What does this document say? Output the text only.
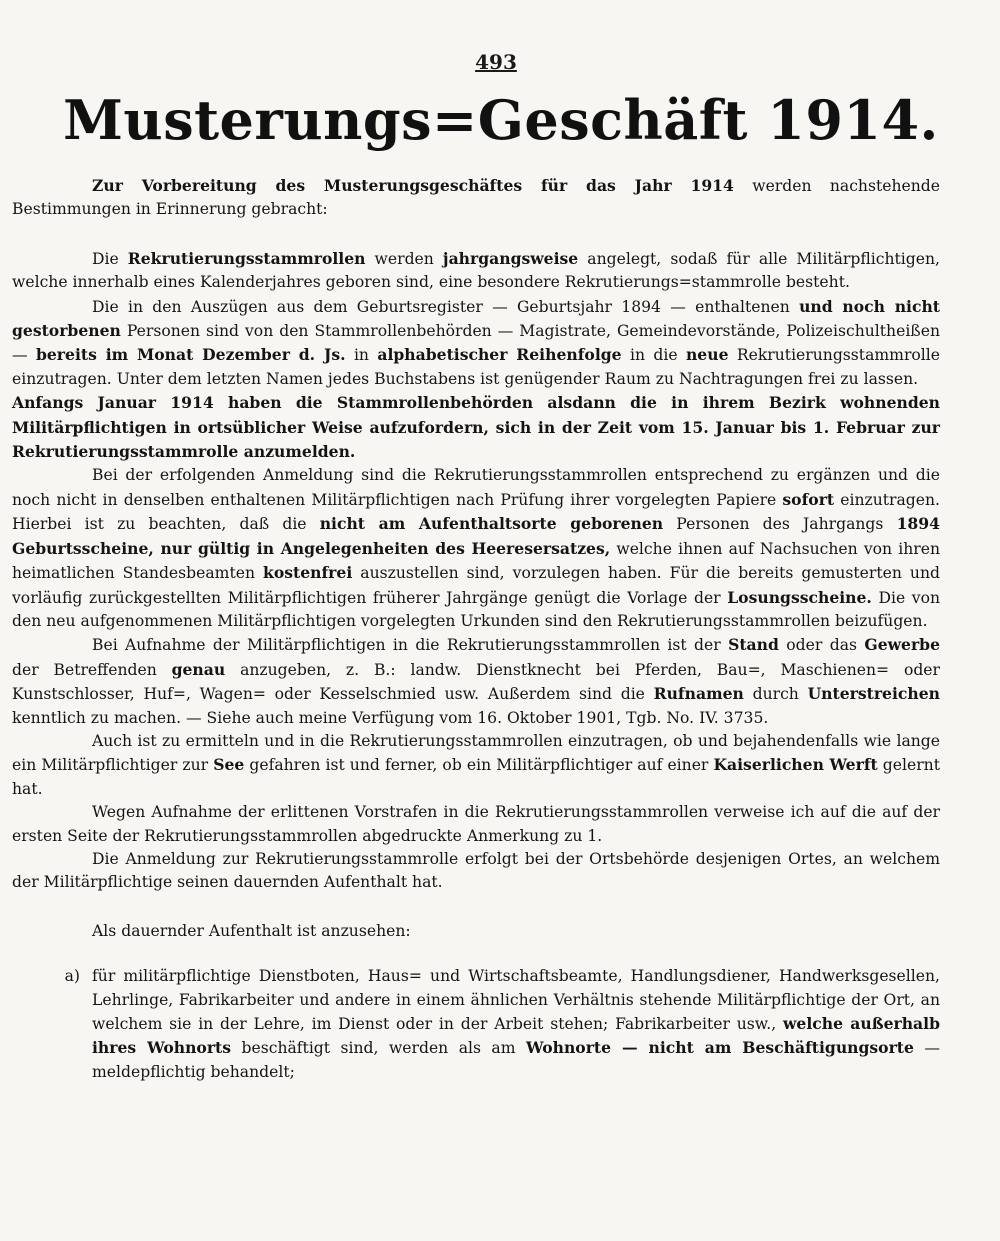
493
Musterungs=Geschäft 1914.

Zur Vorbereitung des Musterungsgeschäftes für das Jahr 1914 werden nachstehende Bestimmungen in Erinnerung gebracht:

Die Rekrutierungsstammrollen werden jahrgangsweise angelegt, sodaß für alle Militärpflichtigen, welche innerhalb eines Kalenderjahres geboren sind, eine besondere Rekrutierungs=stammrolle besteht.

Die in den Auszügen aus dem Geburtsregister — Geburtsjahr 1894 — enthaltenen und noch nicht gestorbenen Personen sind von den Stammrollenbehörden — Magistrate, Gemeindevorstände, Polizeischultheißen — bereits im Monat Dezember d. Js. in alphabetischer Reihenfolge in die neue Rekrutierungsstammrolle einzutragen. Unter dem letzten Namen jedes Buchstabens ist genügender Raum zu Nachtragungen frei zu lassen.

Anfangs Januar 1914 haben die Stammrollenbehörden alsdann die in ihrem Bezirk wohnenden Militärpflichtigen in ortsüblicher Weise aufzufordern, sich in der Zeit vom 15. Januar bis 1. Februar zur Rekrutierungsstammrolle anzumelden.

Bei der erfolgenden Anmeldung sind die Rekrutierungsstammrollen entsprechend zu ergänzen und die noch nicht in denselben enthaltenen Militärpflichtigen nach Prüfung ihrer vorgelegten Papiere sofort einzutragen. Hierbei ist zu beachten, daß die nicht am Aufenthaltsorte geborenen Personen des Jahrgangs 1894 Geburtsscheine, nur gültig in Angelegenheiten des Heeresersatzes, welche ihnen auf Nachsuchen von ihren heimatlichen Standesbeamten kostenfrei auszustellen sind, vorzulegen haben. Für die bereits gemusterten und vorläufig zurückgestellten Militärpflichtigen früherer Jahrgänge genügt die Vorlage der Losungsscheine. Die von den neu aufgenommenen Militärpflichtigen vorgelegten Urkunden sind den Rekrutierungsstammrollen beizufügen.

Bei Aufnahme der Militärpflichtigen in die Rekrutierungsstammrollen ist der Stand oder das Gewerbe der Betreffenden genau anzugeben, z. B.: landw. Dienstknecht bei Pferden, Bau=, Maschienen= oder Kunstschlosser, Huf=, Wagen= oder Kesselschmied usw. Außerdem sind die Rufnamen durch Unterstreichen kenntlich zu machen. — Siehe auch meine Verfügung vom 16. Oktober 1901, Tgb. No. IV. 3735.

Auch ist zu ermitteln und in die Rekrutierungsstammrollen einzutragen, ob und bejahendenfalls wie lange ein Militärpflichtiger zur See gefahren ist und ferner, ob ein Militärpflichtiger auf einer Kaiserlichen Werft gelernt hat.

Wegen Aufnahme der erlittenen Vorstrafen in die Rekrutierungsstammrollen verweise ich auf die auf der ersten Seite der Rekrutierungsstammrollen abgedruckte Anmerkung zu 1.

Die Anmeldung zur Rekrutierungsstammrolle erfolgt bei der Ortsbehörde desjenigen Ortes, an welchem der Militärpflichtige seinen dauernden Aufenthalt hat.

Als dauernder Aufenthalt ist anzusehen:

a) für militärpflichtige Dienstboten, Haus= und Wirtschaftsbeamte, Handlungsdiener, Handwerksgesellen, Lehrlinge, Fabrikarbeiter und andere in einem ähnlichen Verhältnis stehende Militärpflichtige der Ort, an welchem sie in der Lehre, im Dienst oder in der Arbeit stehen; Fabrikarbeiter usw., welche außerhalb ihres Wohnorts beschäftigt sind, werden als am Wohnorte — nicht am Beschäftigungsorte — meldepflichtig behandelt;
